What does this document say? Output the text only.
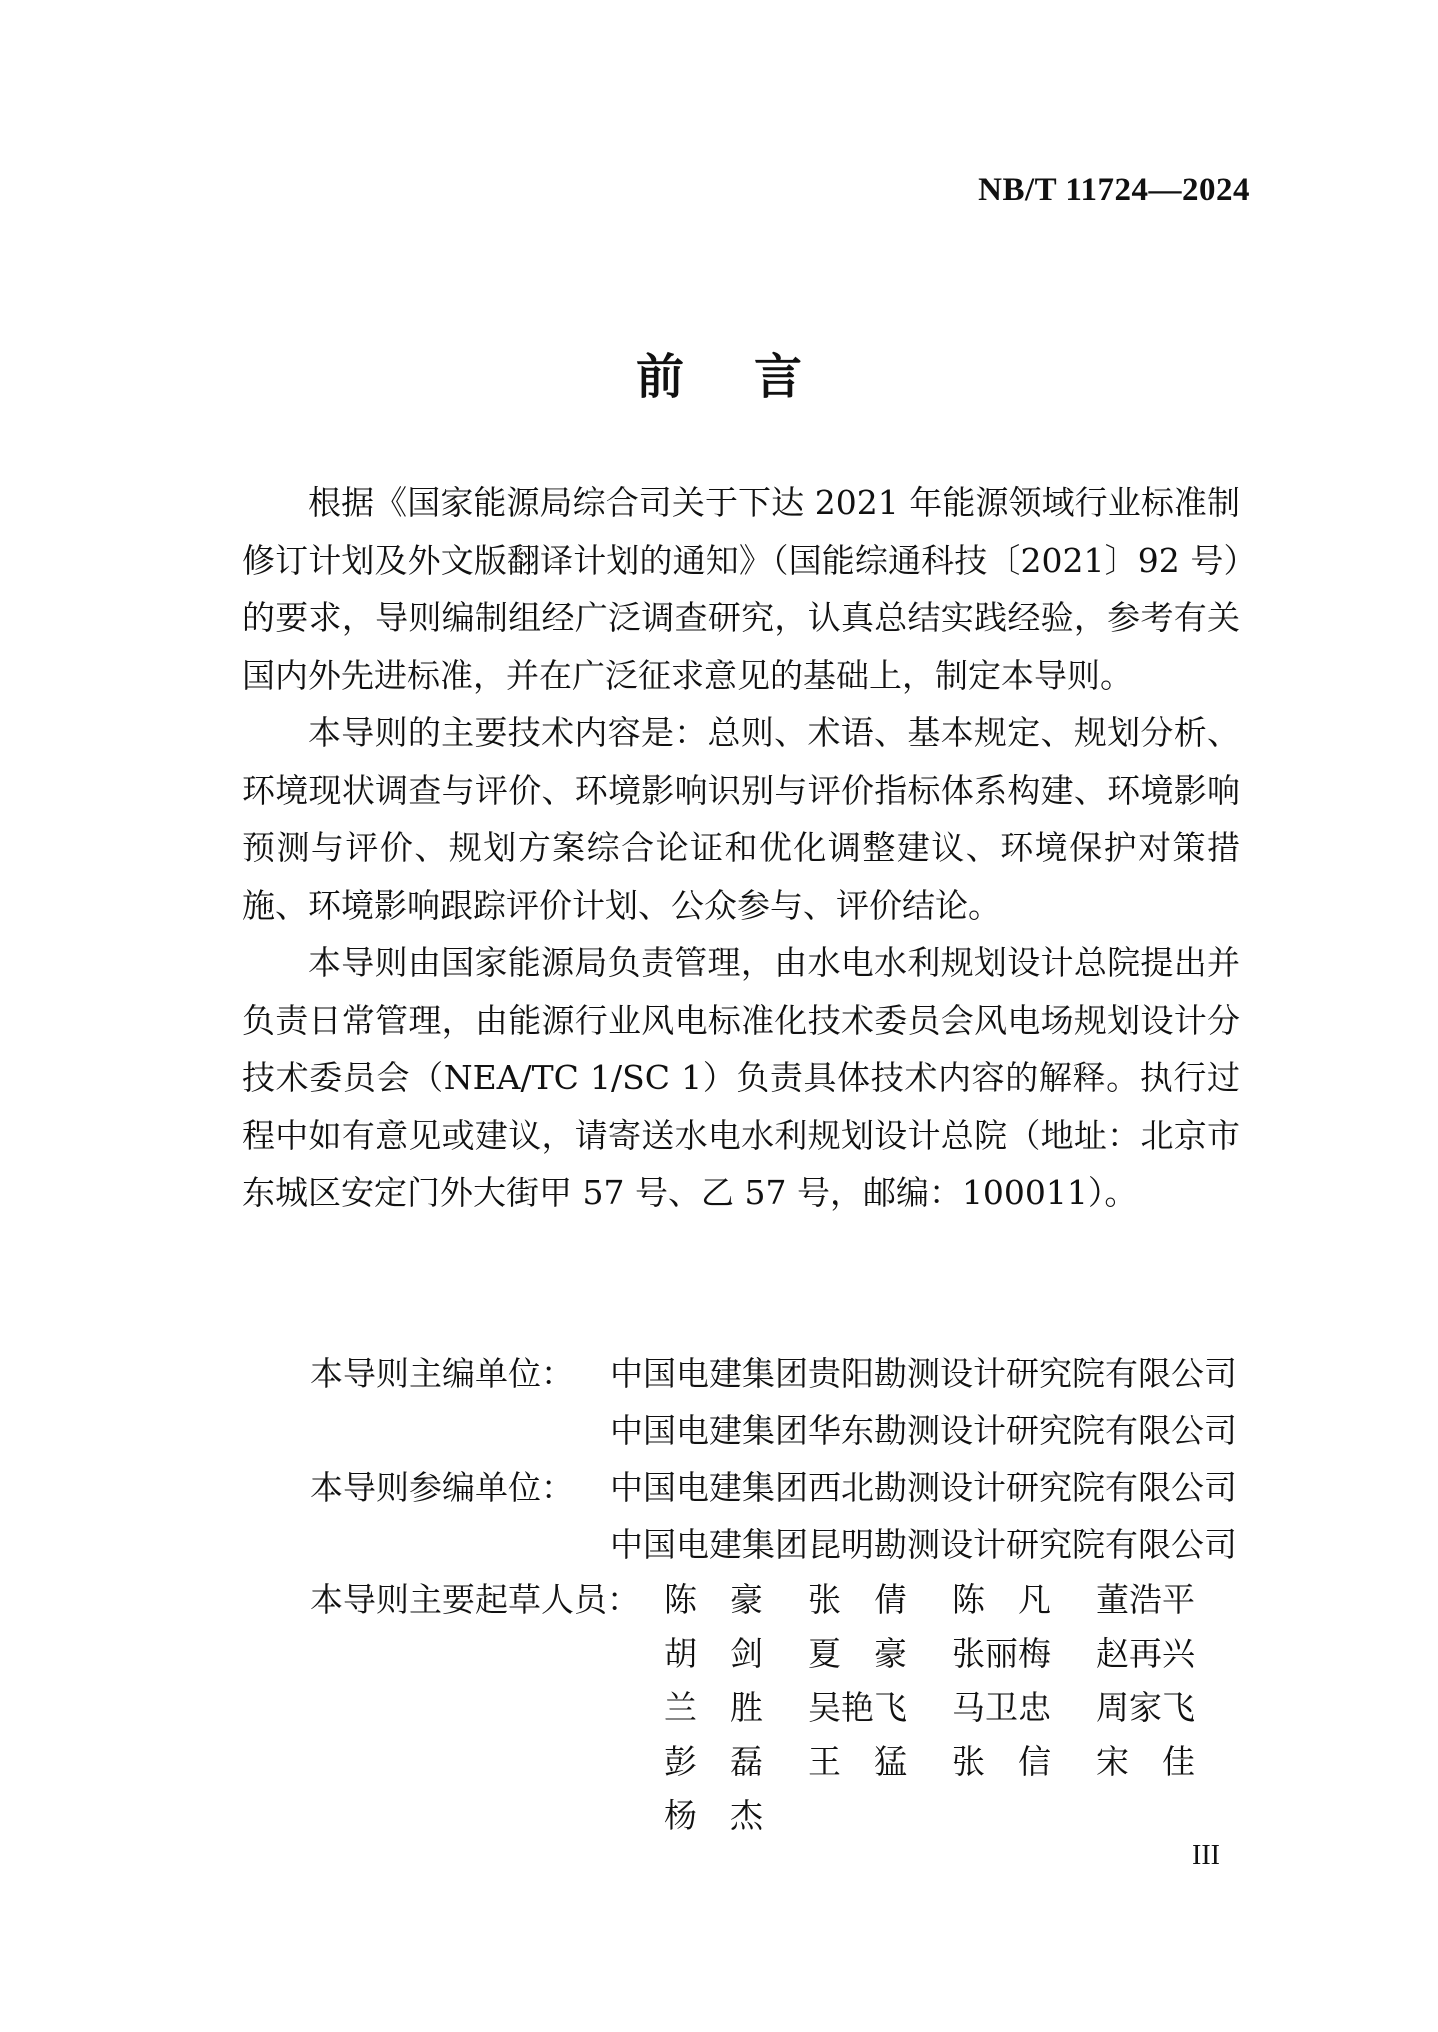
NB/T 11724—2024
前言

根据《国家能源局综合司关于下达 2021 年能源领域行业标准制修订计划及外文版翻译计划的通知》（国能综通科技〔2021〕92 号）的要求，导则编制组经广泛调查研究，认真总结实践经验，参考有关国内外先进标准，并在广泛征求意见的基础上，制定本导则。

本导则的主要技术内容是：总则、术语、基本规定、规划分析、环境现状调查与评价、环境影响识别与评价指标体系构建、环境影响预测与评价、规划方案综合论证和优化调整建议、环境保护对策措施、环境影响跟踪评价计划、公众参与、评价结论。

本导则由国家能源局负责管理，由水电水利规划设计总院提出并负责日常管理，由能源行业风电标准化技术委员会风电场规划设计分技术委员会（NEA/TC 1/SC 1）负责具体技术内容的解释。执行过程中如有意见或建议，请寄送水电水利规划设计总院（地址：北京市东城区安定门外大街甲 57 号、乙 57 号，邮编：100011）。

本导则主编单位：	中国电建集团贵阳勘测设计研究院有限公司
中国电建集团华东勘测设计研究院有限公司
本导则参编单位：	中国电建集团西北勘测设计研究院有限公司
中国电建集团昆明勘测设计研究院有限公司
本导则主要起草人员： 陈豪 张倩 陈凡 董浩平
胡剑 夏豪 张丽梅	赵再兴
兰胜 吴艳飞	马卫忠	周家飞
彭磊 王猛 张信 宋佳
杨杰
III
